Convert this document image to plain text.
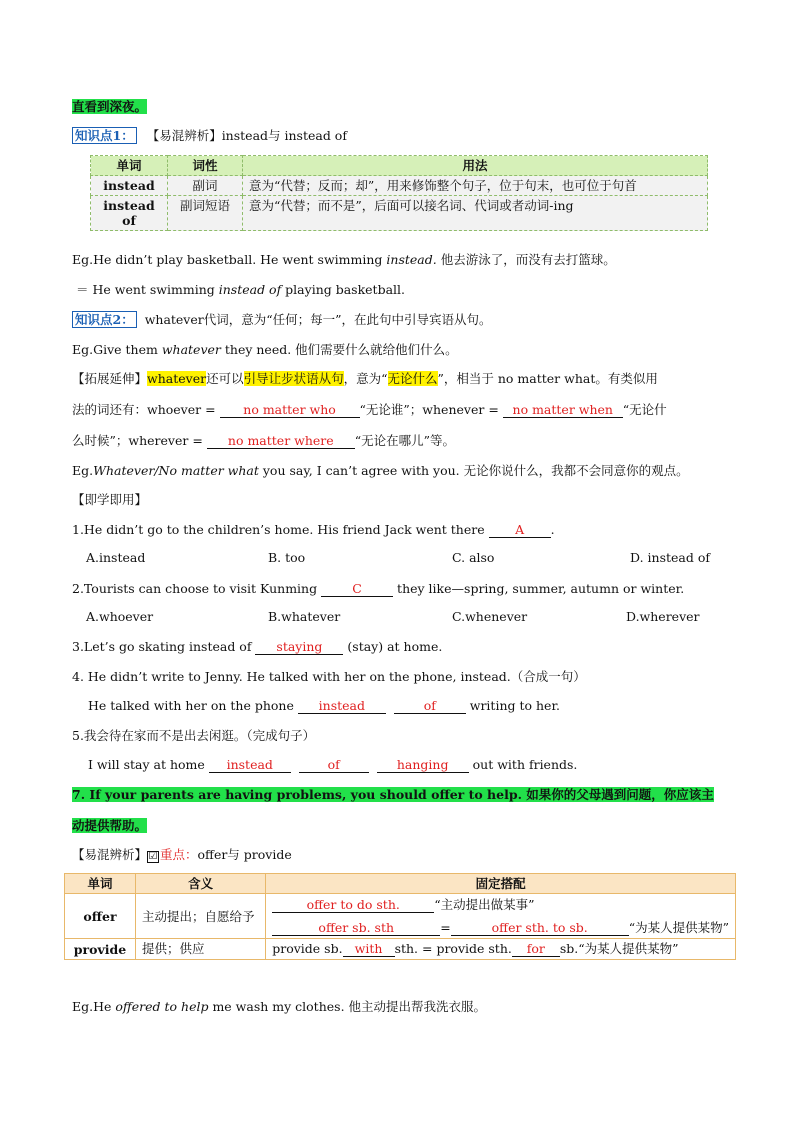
直看到深夜。
知识点1： 【易混辨析】instead与 instead of
单词	词性	用法
instead	副词	意为“代替；反而；却”，用来修饰整个句子，位于句末，也可位于句首
instead of	副词短语	意为“代替；而不是”，后面可以接名词、代词或者动词-ing
Eg.He didn’t play basketball. He went swimming instead. 他去游泳了，而没有去打篮球。
＝ He went swimming instead of playing basketball.
知识点2： whatever代词，意为“任何；每一”，在此句中引导宾语从句。
Eg.Give them whatever they need. 他们需要什么就给他们什么。
【拓展延伸】whatever还可以引导让步状语从句，意为“无论什么”，相当于 no matter what。有类似用
法的词还有：whoever = no matter who “无论谁”；whenever = no matter when “无论什
么时候”；wherever = no matter where “无论在哪儿”等。
Eg.Whatever/No matter what you say, I can’t agree with you. 无论你说什么，我都不会同意你的观点。
【即学即用】
1.He didn’t go to the children’s home. His friend Jack went there A .
A.instead	B. too	C. also	D. instead of
2.Tourists can choose to visit Kunming C they like—spring, summer, autumn or winter.
A.whoever	B.whatever	C.whenever	D.wherever
3.Let’s go skating instead of staying (stay) at home.
4. He didn’t write to Jenny. He talked with her on the phone, instead.（合成一句）
He talked with her on the phone instead	of writing to her.
5.我会待在家而不是出去闲逛。（完成句子）
I will stay at home instead	of	hanging out with friends.
7. If your parents are having problems, you should offer to help. 如果你的父母遇到问题，你应该主
动提供帮助。
【易混辨析】 ☑ 重点：offer与 provide
单词	含义	固定搭配
offer	主动提出；自愿给予	offer to do sth. “主动提出做某事”
offer sb. sth = offer sth. to sb. “为某人提供某物”

provide	提供；供应	provide sb. with sth. = provide sth. for sb.“为某人提供某物”
Eg.He offered to help me wash my clothes. 他主动提出帮我洗衣服。
